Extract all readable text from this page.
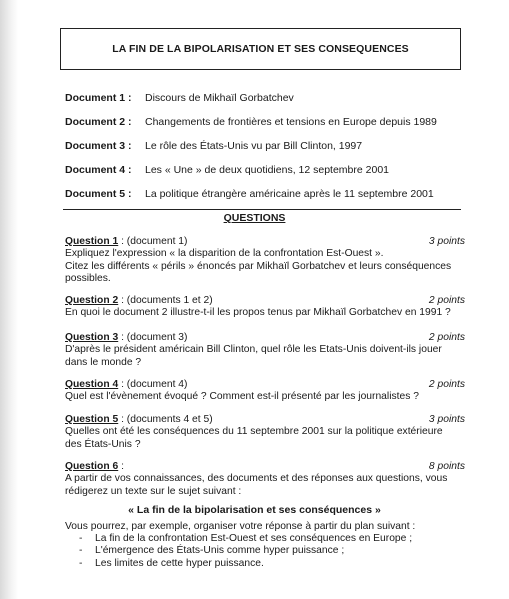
LA FIN DE LA BIPOLARISATION ET SES CONSEQUENCES
Document 1 :	Discours de Mikhaïl Gorbatchev
Document 2 :	Changements de frontières et tensions en Europe depuis 1989
Document 3 :	Le rôle des États-Unis vu par Bill Clinton, 1997
Document 4 :	Les « Une » de deux quotidiens, 12 septembre 2001
Document 5 :	La politique étrangère américaine après le 11 septembre 2001
QUESTIONS
Question 1 : (document 1)	3 points
Expliquez l'expression « la disparition de la confrontation Est-Ouest ».
Citez les différents « périls » énoncés par Mikhaïl Gorbatchev et leurs conséquences
possibles.
Question 2 : (documents 1 et 2)	2 points
En quoi le document 2 illustre-t-il les propos tenus par Mikhaïl Gorbatchev en 1991 ?
Question 3 : (document 3)	2 points
D'après le président américain Bill Clinton, quel rôle les Etats-Unis doivent-ils jouer
dans le monde ?
Question 4 : (document 4)	2 points
Quel est l'évènement évoqué ? Comment est-il présenté par les journalistes ?
Question 5 : (documents 4 et 5)	3 points
Quelles ont été les conséquences du 11 septembre 2001 sur la politique extérieure
des États-Unis ?
Question 6 :	8 points
A partir de vos connaissances, des documents et des réponses aux questions, vous
rédigerez un texte sur le sujet suivant :
« La fin de la bipolarisation et ses conséquences »
Vous pourrez, par exemple, organiser votre réponse à partir du plan suivant :
-	La fin de la confrontation Est-Ouest et ses conséquences en Europe ;
-	L'émergence des États-Unis comme hyper puissance ;
-	Les limites de cette hyper puissance.
